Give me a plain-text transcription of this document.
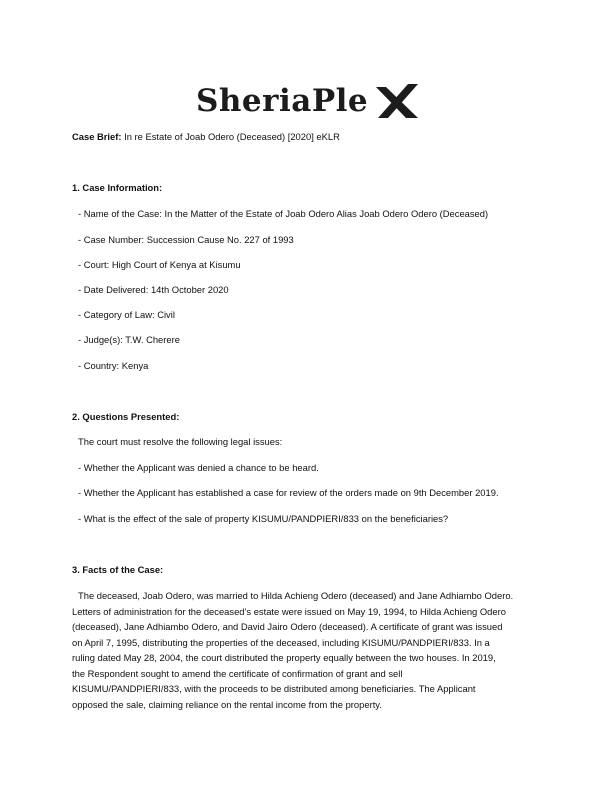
SheriaPle
Case Brief: In re Estate of Joab Odero (Deceased) [2020] eKLR
1. Case Information:
- Name of the Case: In the Matter of the Estate of Joab Odero Alias Joab Odero Odero (Deceased)
- Case Number: Succession Cause No. 227 of 1993
- Court: High Court of Kenya at Kisumu
- Date Delivered: 14th October 2020
- Category of Law: Civil
- Judge(s): T.W. Cherere
- Country: Kenya
2. Questions Presented:
The court must resolve the following legal issues:
- Whether the Applicant was denied a chance to be heard.
- Whether the Applicant has established a case for review of the orders made on 9th December 2019.
- What is the effect of the sale of property KISUMU/PANDPIERI/833 on the beneficiaries?
3. Facts of the Case:
The deceased, Joab Odero, was married to Hilda Achieng Odero (deceased) and Jane Adhiambo Odero.
Letters of administration for the deceased’s estate were issued on May 19, 1994, to Hilda Achieng Odero
(deceased), Jane Adhiambo Odero, and David Jairo Odero (deceased). A certificate of grant was issued
on April 7, 1995, distributing the properties of the deceased, including KISUMU/PANDPIERI/833. In a
ruling dated May 28, 2004, the court distributed the property equally between the two houses. In 2019,
the Respondent sought to amend the certificate of confirmation of grant and sell
KISUMU/PANDPIERI/833, with the proceeds to be distributed among beneficiaries. The Applicant
opposed the sale, claiming reliance on the rental income from the property.
